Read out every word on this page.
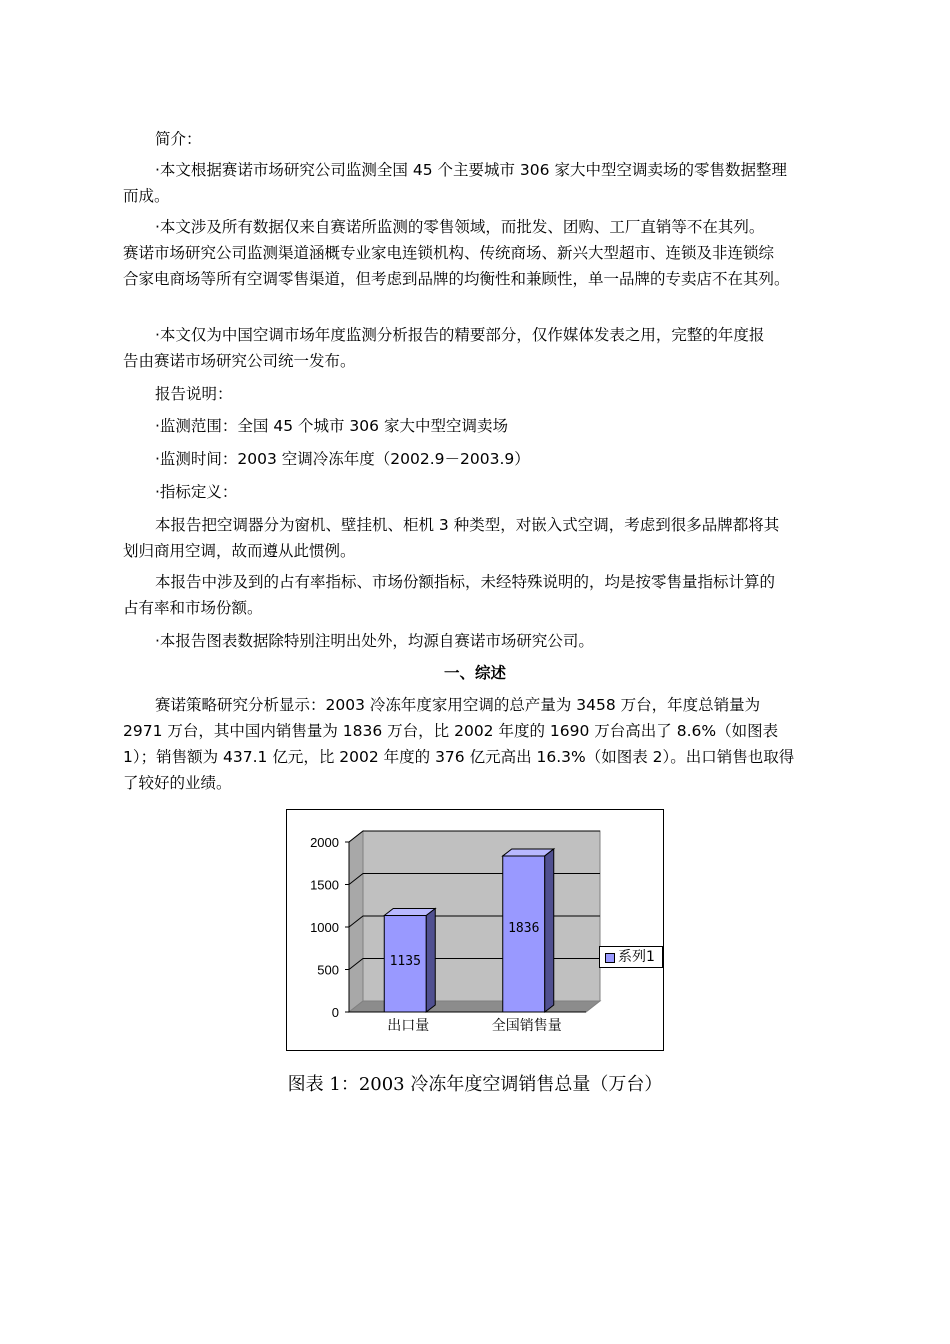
简介：
·本文根据赛诺市场研究公司监测全国 45 个主要城市 306 家大中型空调卖场的零售数据整理
而成。
·本文涉及所有数据仅来自赛诺所监测的零售领域，而批发、团购、工厂直销等不在其列。
赛诺市场研究公司监测渠道涵概专业家电连锁机构、传统商场、新兴大型超市、连锁及非连锁综
合家电商场等所有空调零售渠道，但考虑到品牌的均衡性和兼顾性，单一品牌的专卖店不在其列。
·本文仅为中国空调市场年度监测分析报告的精要部分，仅作媒体发表之用，完整的年度报
告由赛诺市场研究公司统一发布。
报告说明：
·监测范围：全国 45 个城市 306 家大中型空调卖场
·监测时间：2003 空调冷冻年度（2002.9－2003.9）
·指标定义：
本报告把空调器分为窗机、壁挂机、柜机 3 种类型，对嵌入式空调，考虑到很多品牌都将其
划归商用空调，故而遵从此惯例。
本报告中涉及到的占有率指标、市场份额指标，未经特殊说明的，均是按零售量指标计算的
占有率和市场份额。
·本报告图表数据除特别注明出处外，均源自赛诺市场研究公司。
一、综述
赛诺策略研究分析显示：2003 冷冻年度家用空调的总产量为 3458 万台，年度总销量为
2971 万台，其中国内销售量为 1836 万台，比 2002 年度的 1690 万台高出了 8.6%（如图表
1）；销售额为 437.1 亿元，比 2002 年度的 376 亿元高出 16.3%（如图表 2）。出口销售也取得
了较好的业绩。
0
500
1000
1500
2000
1135
出口量
1836
全国销售量
系列1
图表 1：2003 冷冻年度空调销售总量（万台）
